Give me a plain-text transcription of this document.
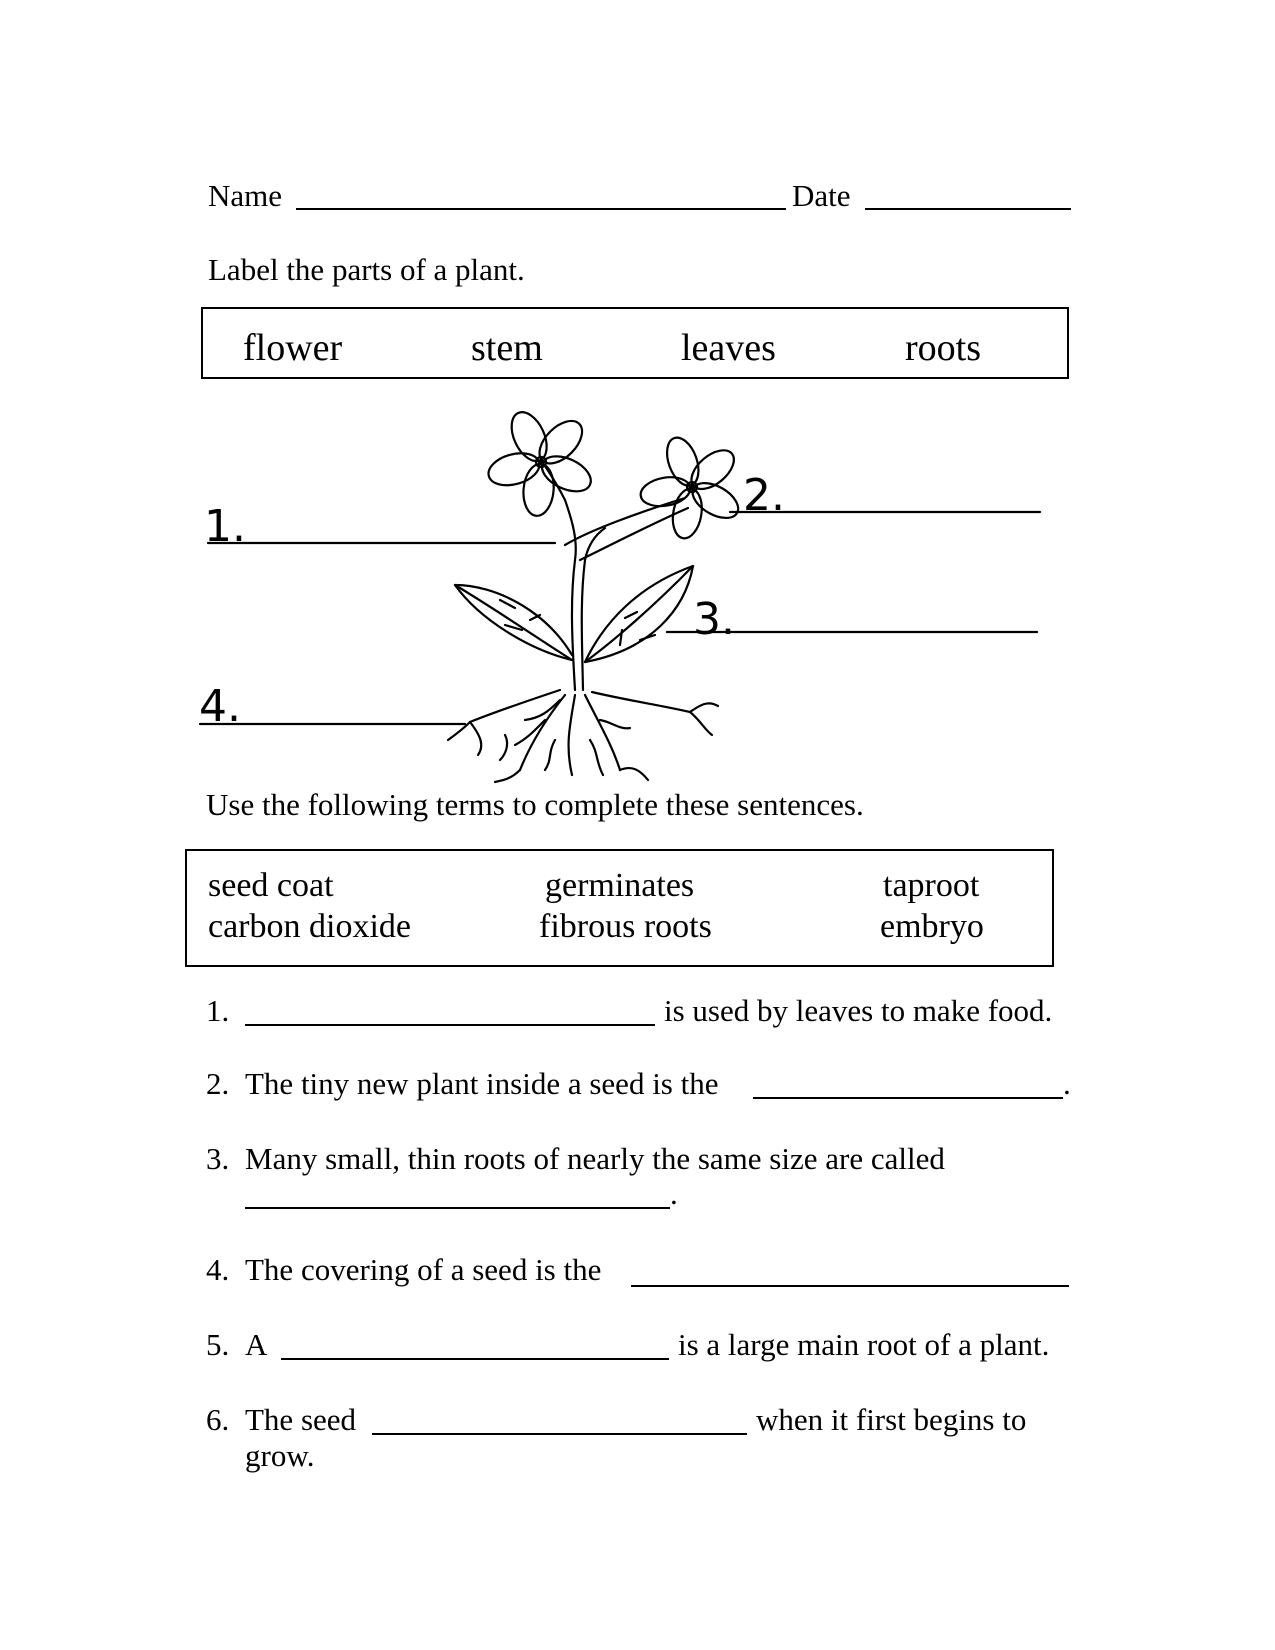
Name	Date
Label the parts of a plant.
flower	stem	leaves	roots
1.
2.
3.
4.
Use the following terms to complete these sentences.
seed coat	germinates	taproot
carbon dioxide	fibrous roots	embryo
1.	is used by leaves to make food.
2. The tiny new plant inside a seed is the	.
3. Many small, thin roots of nearly the same size are called
.
4. The covering of a seed is the
5. A	is a large main root of a plant.
6. The seed	when it first begins to
grow.
